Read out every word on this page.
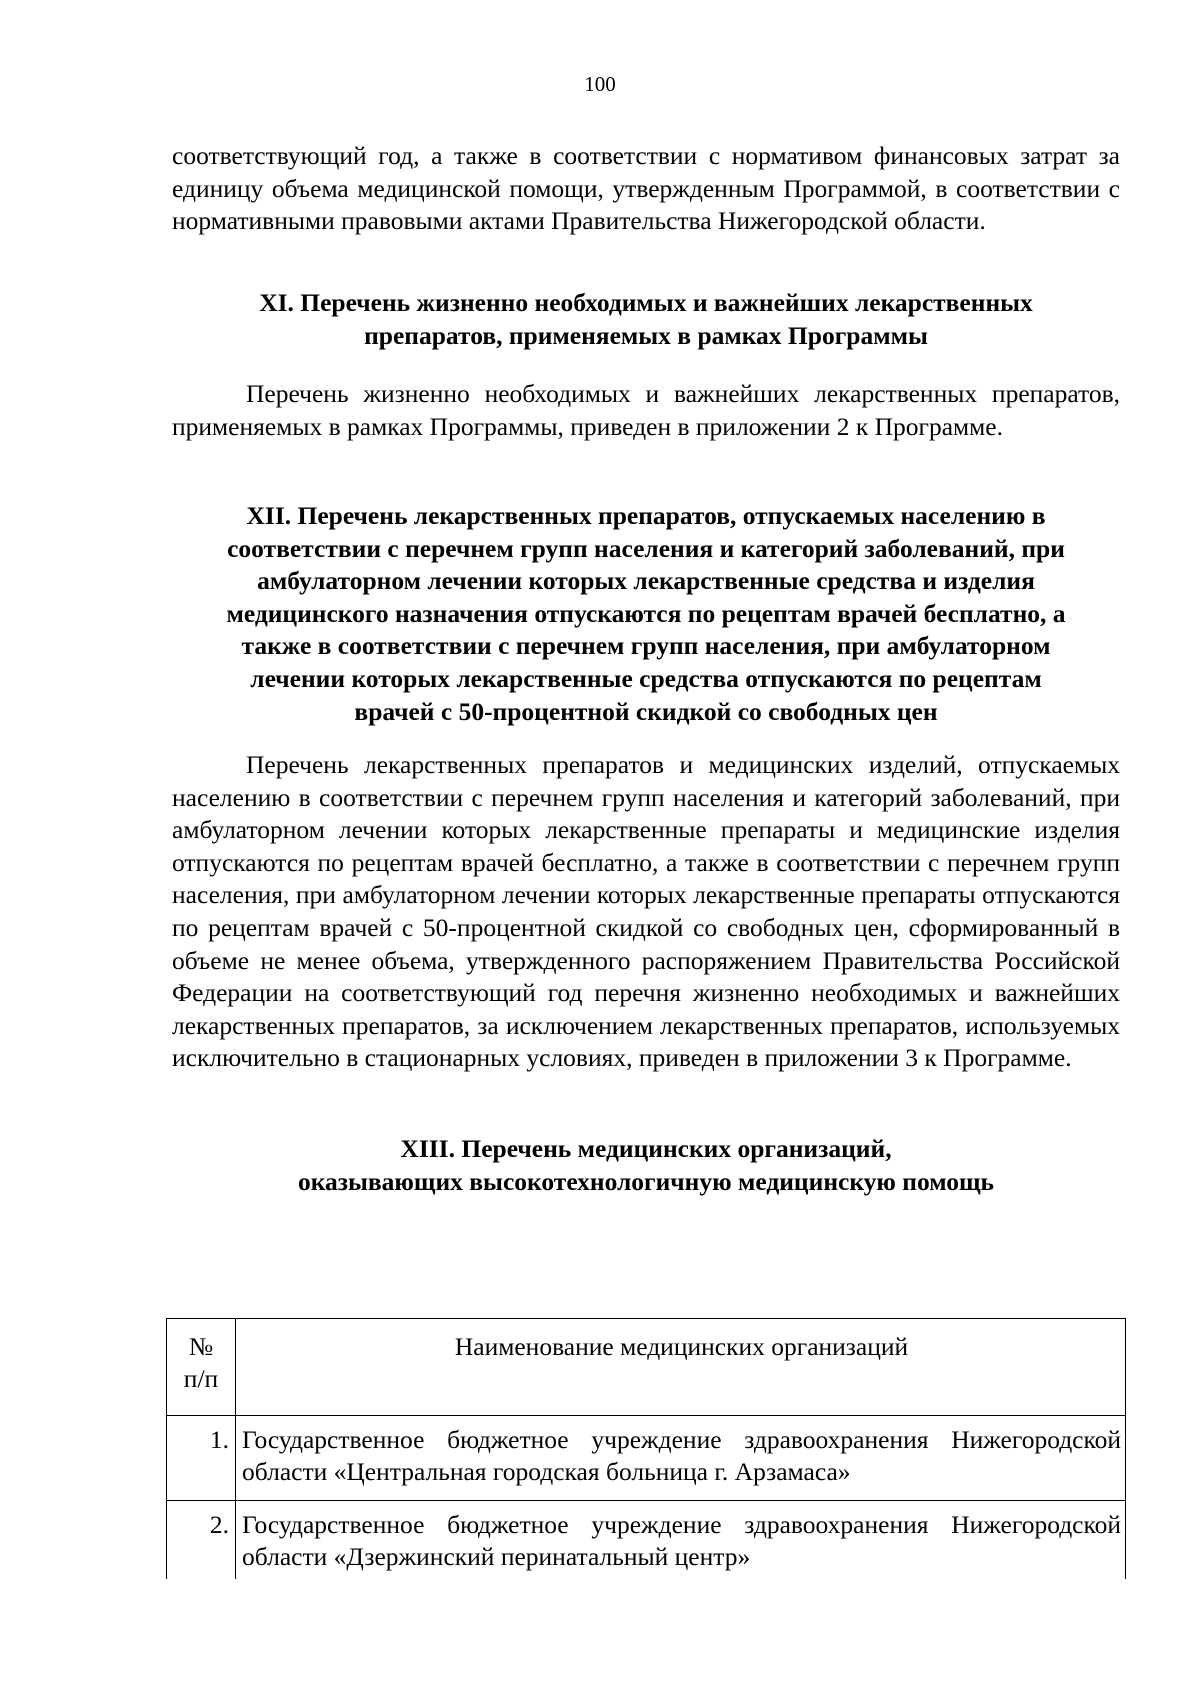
100

соответствующий год, а также в соответствии с нормативом финансовых затрат за единицу объема медицинской помощи, утвержденным Программой, в соответствии с нормативными правовыми актами Правительства Нижегородской области.

XI. Перечень жизненно необходимых и важнейших лекарственных

препаратов, применяемых в рамках Программы

Перечень жизненно необходимых и важнейших лекарственных препаратов, применяемых в рамках Программы, приведен в приложении 2 к Программе.

XII. Перечень лекарственных препаратов, отпускаемых населению в

соответствии с перечнем групп населения и категорий заболеваний, при

амбулаторном лечении которых лекарственные средства и изделия

медицинского назначения отпускаются по рецептам врачей бесплатно, а

также в соответствии с перечнем групп населения, при амбулаторном

лечении которых лекарственные средства отпускаются по рецептам

врачей с 50-процентной скидкой со свободных цен

Перечень лекарственных препаратов и медицинских изделий, отпускаемых населению в соответствии с перечнем групп населения и категорий заболеваний, при амбулаторном лечении которых лекарственные препараты и медицинские изделия отпускаются по рецептам врачей бесплатно, а также в соответствии с перечнем групп населения, при амбулаторном лечении которых лекарственные препараты отпускаются по рецептам врачей с 50-процентной скидкой со свободных цен, сформированный в объеме не менее объема, утвержденного распоряжением Правительства Российской Федерации на соответствующий год перечня жизненно необходимых и важнейших лекарственных препаратов, за исключением лекарственных препаратов, используемых исключительно в стационарных условиях, приведен в приложении 3 к Программе.

XIII. Перечень медицинских организаций,

оказывающих высокотехнологичную медицинскую помощь

№
п/п	Наименование медицинских организаций
1.	Государственное бюджетное учреждение здравоохранения Нижегородской области «Центральная городская больница г. Арзамаса»
2.	Государственное бюджетное учреждение здравоохранения Нижегородской области «Дзержинский перинатальный центр»
